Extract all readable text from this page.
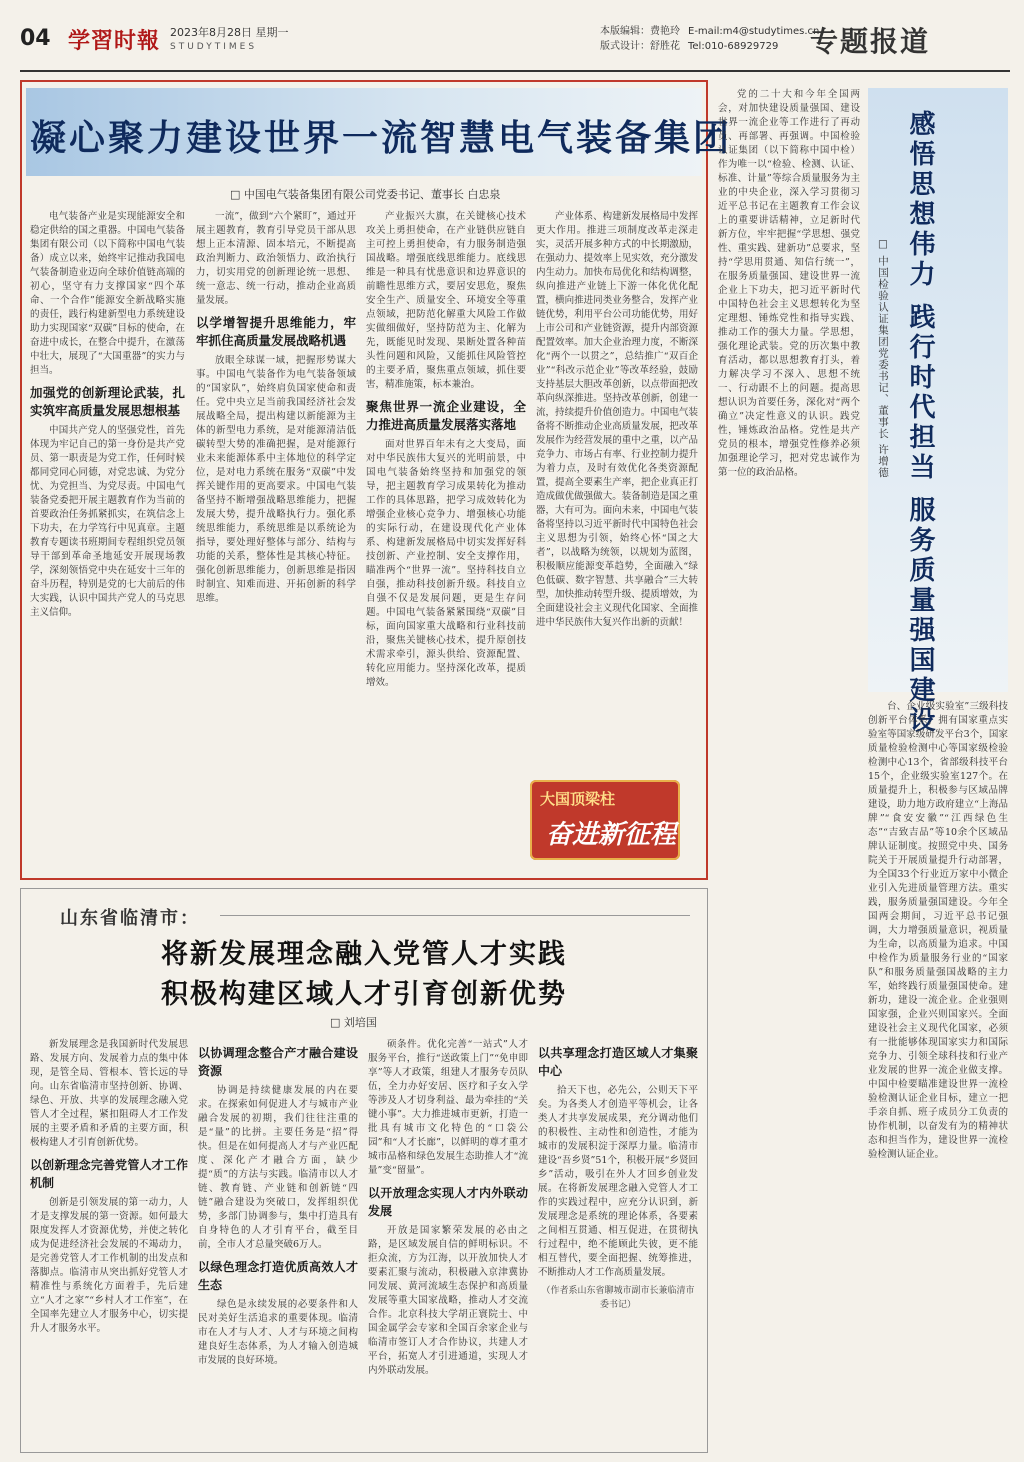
04 学習时報 2023年8月28日 星期一
STUDYTIMES
本版编辑：费艳玲
版式设计：舒胜花
E-mail:m4@studytimes.cn
Tel:010-68929729	专题报道
凝心聚力建设世界一流智慧电气装备集团
□ 中国电气装备集团有限公司党委书记、董事长 白忠泉

电气装备产业是实现能源安全和稳定供给的国之重器。中国电气装备集团有限公司（以下简称中国电气装备）成立以来，始终牢记推动我国电气装备制造业迈向全球价值链高端的初心，坚守有力支撑国家“四个革命、一个合作”能源安全新战略实施的责任，践行构建新型电力系统建设助力实现国家“双碳”目标的使命，在奋进中成长，在整合中提升，在激荡中壮大，展现了“大国重器”的实力与担当。

加强党的创新理论武装，扎实筑牢高质量发展思想根基

中国共产党人的坚强党性，首先体现为牢记自己的第一身份是共产党员、第一职责是为党工作，任何时候都同党同心同德，对党忠诚、为党分忧、为党担当、为党尽责。中国电气装备党委把开展主题教育作为当前的首要政治任务抓紧抓实，在筑信念上下功夫，在力学笃行中见真章。主题教育专题读书班期间专程组织党员领导干部到革命圣地延安开展现场教学，深刻领悟党中央在延安十三年的奋斗历程，特别是党的七大前后的伟大实践，认识中国共产党人的马克思主义信仰。

一流”，做到“六个紧盯”，通过开展主题教育，教育引导党员干部从思想上正本清源、固本培元，不断提高政治判断力、政治领悟力、政治执行力，切实用党的创新理论统一思想、统一意志、统一行动，推动企业高质量发展。

以学增智提升思维能力，牢牢抓住高质量发展战略机遇

放眼全球谋一域，把握形势谋大事。中国电气装备作为电气装备领域的“国家队”，始终肩负国家使命和责任。党中央立足当前我国经济社会发展战略全局，提出构建以新能源为主体的新型电力系统，是对能源清洁低碳转型大势的准确把握，是对能源行业未来能源体系中主体地位的科学定位，是对电力系统在服务“双碳”中发挥关键作用的更高要求。中国电气装备坚持不断增强战略思维能力，把握发展大势，提升战略执行力。强化系统思维能力，系统思维是以系统论为指导，要处理好整体与部分、结构与功能的关系，整体性是其核心特征。强化创新思维能力，创新思维是指因时制宜、知难而进、开拓创新的科学思维。

产业振兴大旗，在关键核心技术攻关上勇担使命，在产业链供应链自主可控上勇担使命，有力服务制造强国战略。增强底线思维能力。底线思维是一种具有忧患意识和边界意识的前瞻性思维方式，要居安思危，聚焦安全生产、质量安全、环境安全等重点领域，把防范化解重大风险工作做实做细做好，坚持防范为主、化解为先，既能见时发现、果断处置各种苗头性问题和风险，又能抓住风险管控的主要矛盾，聚焦重点领域，抓住要害，精准施策，标本兼治。

聚焦世界一流企业建设，全力推进高质量发展落实落地

面对世界百年未有之大变局，面对中华民族伟大复兴的光明前景，中国电气装备始终坚持和加强党的领导，把主题教育学习成果转化为推动工作的具体思路，把学习成效转化为增强企业核心竞争力、增强核心功能的实际行动，在建设现代化产业体系、构建新发展格局中切实发挥好科技创新、产业控制、安全支撑作用，瞄准两个“世界一流”。坚持科技自立自强，推动科技创新升级。科技自立自强不仅是发展问题，更是生存问题。中国电气装备紧紧围绕“双碳”目标，面向国家重大战略和行业科技前沿，聚焦关键核心技术，提升原创技术需求牵引，源头供给、资源配置、转化应用能力。坚持深化改革，提质增效。

产业体系、构建新发展格局中发挥更大作用。推进三项制度改革走深走实，灵活开展多种方式的中长期激励，在强动力、提效率上见实效，充分激发内生动力。加快布局优化和结构调整，纵向推进产业链上下游一体化优化配置，横向推进同类业务整合，发挥产业链优势，利用平台公司功能优势，用好上市公司和产业链资源，提升内部资源配置效率。加大企业治理力度，不断深化“两个一以贯之”，总结推广“双百企业”“科改示范企业”等改革经验，鼓励支持基层大胆改革创新，以点带面把改革向纵深推进。坚持改革创新，创建一流，持续提升价值创造力。中国电气装备将不断推动企业高质量发展，把改革发展作为经营发展的重中之重，以产品竞争力、市场占有率、行业控制力提升为着力点，及时有效优化各类资源配置，提高全要素生产率，把企业真正打造成做优做强做大。装备制造是国之重器，大有可为。面向未来，中国电气装备将坚持以习近平新时代中国特色社会主义思想为引领，始终心怀“国之大者”，以战略为统领，以规划为蓝图，积极顺应能源变革趋势，全面融入“绿色低碳、数字智慧、共享融合”三大转型，加快推动转型升级、提质增效，为全面建设社会主义现代化国家、全面推进中华民族伟大复兴作出新的贡献！

大国顶梁柱
奋进新征程
感悟思想伟力 践行时代担当 服务质量强国建设
□ 中国检验认证集团党委书记、董事长 许增德

党的二十大和今年全国两会，对加快建设质量强国、建设世界一流企业等工作进行了再动员、再部署、再强调。中国检验认证集团（以下简称中国中检）作为唯一以“检验、检测、认证、标准、计量”等综合质量服务为主业的中央企业，深入学习贯彻习近平总书记在主题教育工作会议上的重要讲话精神，立足新时代新方位，牢牢把握“学思想、强党性、重实践、建新功”总要求，坚持“学思用贯通、知信行统一”，在服务质量强国、建设世界一流企业上下功夫，把习近平新时代中国特色社会主义思想转化为坚定理想、锤炼党性和指导实践、推动工作的强大力量。学思想，强化理论武装。党的历次集中教育活动，都以思想教育打头，着力解决学习不深入、思想不统一、行动跟不上的问题。提高思想认识为首要任务，深化对“两个确立”决定性意义的认识。践党性，锤炼政治品格。党性是共产党员的根本，增强党性修养必须加强理论学习，把对党忠诚作为第一位的政治品格。

台、企业级实验室”三级科技创新平台体系，拥有国家重点实验室等国家级研发平台3个，国家质量检验检测中心等国家级检验检测中心13个，省部级科技平台15个，企业级实验室127个。在质量提升上，积极参与区域品牌建设，助力地方政府建立“上海品牌”“食安安徽”“江西绿色生态”“吉致吉品”等10余个区域品牌认证制度。按照党中央、国务院关于开展质量提升行动部署，为全国33个行业近万家中小微企业引入先进质量管理方法。重实践，服务质量强国建设。今年全国两会期间，习近平总书记强调，大力增强质量意识，视质量为生命，以高质量为追求。中国中检作为质量服务行业的“国家队”和服务质量强国战略的主力军，始终践行质量强国使命。建新功，建设一流企业。企业强则国家强，企业兴则国家兴。全面建设社会主义现代化国家，必须有一批能够体现国家实力和国际竞争力、引领全球科技和行业产业发展的世界一流企业做支撑。中国中检要瞄准建设世界一流检验检测认证企业目标，建立一把手亲自抓、班子成员分工负责的协作机制，以奋发有为的精神状态和担当作为，建设世界一流检验检测认证企业。

山东省临清市：
将新发展理念融入党管人才实践
积极构建区域人才引育创新优势
□ 刘培国

新发展理念是我国新时代发展思路、发展方向、发展着力点的集中体现，是管全局、管根本、管长远的导向。山东省临清市坚持创新、协调、绿色、开放、共享的发展理念融入党管人才全过程，紧扣阻碍人才工作发展的主要矛盾和矛盾的主要方面，积极构建人才引育创新优势。

以创新理念完善党管人才工作机制

创新是引领发展的第一动力，人才是支撑发展的第一资源。如何最大限度发挥人才资源优势，并使之转化成为促进经济社会发展的不竭动力，是完善党管人才工作机制的出发点和落脚点。临清市从突出抓好党管人才精准性与系统化方面着手，先后建立“人才之家”“乡村人才工作室”，在全国率先建立人才服务中心，切实提升人才服务水平。

以协调理念整合产才融合建设资源

协调是持续健康发展的内在要求。在探索如何促进人才与城市产业融合发展的初期，我们往往注重的是“量”的比拼。主要任务是“招”得快。但是在如何提高人才与产业匹配度、深化产才融合方面，缺少提“质”的方法与实践。临清市以人才链、教育链、产业链和创新链“四链”融合建设为突破口，发挥组织优势，多部门协调参与，集中打造具有自身特色的人才引育平台，截至目前，全市人才总量突破6万人。

以绿色理念打造优质高效人才生态

绿色是永续发展的必要条件和人民对美好生活追求的重要体现。临清市在人才与人才、人才与环境之间构建良好生态体系，为人才输入创造城市发展的良好环境。

硕条件。优化完善“一站式”人才服务平台，推行“送政策上门”“免申即享”等人才政策，组建人才服务专员队伍，全力办好安居、医疗和子女入学等涉及人才切身利益、最为牵挂的“关键小事”。大力推进城市更新，打造一批具有城市文化特色的“口袋公园”和“人才长廊”，以鲜明的尊才重才城市品格和绿色发展生态助推人才“流量”变“留量”。

以开放理念实现人才内外联动发展

开放是国家繁荣发展的必由之路，是区域发展自信的鲜明标识。不拒众流，方为江海，以开放加快人才要素汇聚与流动，积极融入京津冀协同发展、黄河流域生态保护和高质量发展等重大国家战略，推动人才交流合作。北京科技大学胡正寰院士、中国金属学会专家和全国百余家企业与临清市签订人才合作协议，共建人才平台，拓宽人才引进通道，实现人才内外联动发展。

以共享理念打造区域人才集聚中心

拾天下也，必先公，公则天下平矣。为各类人才创造平等机会，让各类人才共享发展成果，充分调动他们的积极性、主动性和创造性，才能为城市的发展积淀于深厚力量。临清市建设“吾乡贤”51个，积极开展“乡贤回乡”活动，吸引在外人才回乡创业发展。在将新发展理念融入党管人才工作的实践过程中，应充分认识到，新发展理念是系统的理论体系，各要素之间相互贯通、相互促进，在贯彻执行过程中，绝不能顾此失彼，更不能相互替代，要全面把握、统筹推进，不断推动人才工作高质量发展。

（作者系山东省聊城市副市长兼临清市委书记）
